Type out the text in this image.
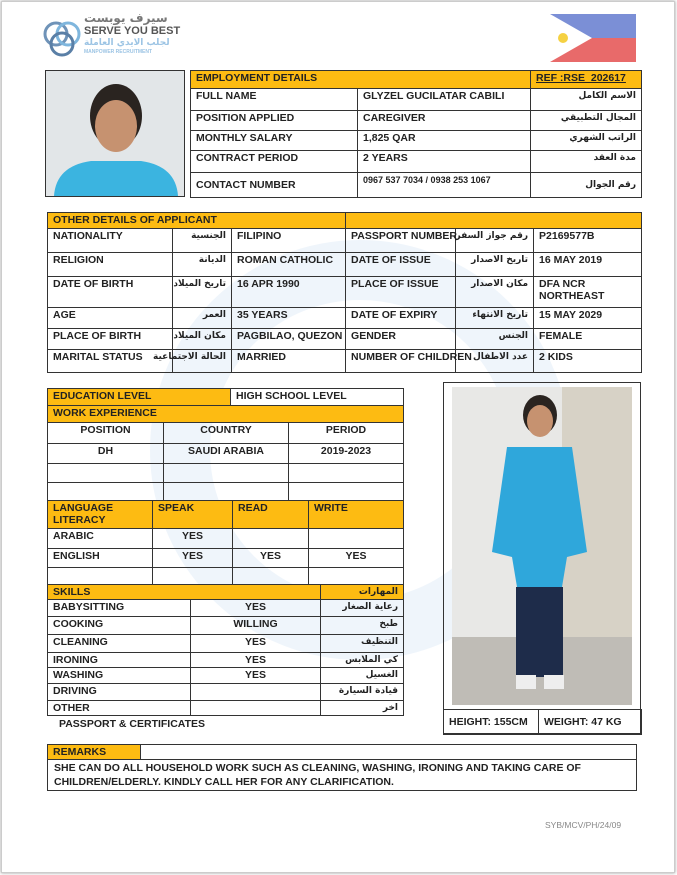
سيرف يوبست
SERVE YOU BEST
لجلب الايدي العاملة
MANPOWER RECRUITMENT
EMPLOYMENT DETAILS		REF :RSE_202617
FULL NAME	GLYZEL GUCILATAR CABILI	الاسم الكامل
POSITION APPLIED	CAREGIVER	المجال التطبيقي
MONTHLY SALARY	1,825 QAR	الراتب الشهري
CONTRACT PERIOD	2 YEARS	مدة العقد
CONTACT NUMBER	0967 537 7034 / 0938 253 1067	رقم الجوال
OTHER DETAILS OF APPLICANT					
NATIONALITY	الجنسية	FILIPINO	PASSPORT NUMBER	رقم جواز السفر	P2169577B
RELIGION	الديانة	ROMAN CATHOLIC	DATE OF ISSUE	تاريخ الاصدار	16 MAY 2019
DATE OF BIRTH	تاريخ الميلاد	16 APR 1990	PLACE OF ISSUE	مكان الاصدار	DFA NCR NORTHEAST
AGE	العمر	35 YEARS	DATE OF EXPIRY	تاريخ الانتهاء	15 MAY 2029
PLACE OF BIRTH	مكان الميلاد	PAGBILAO, QUEZON	GENDER	الجنس	FEMALE
MARITAL STATUS	الحالة الاجتماعية	MARRIED	NUMBER OF CHILDREN	عدد الاطفال	2 KIDS
EDUCATION LEVEL		HIGH SCHOOL LEVEL	
WORK EXPERIENCE			
POSITION	COUNTRY		PERIOD
DH	SAUDI ARABIA		2019-2023

LANGUAGE LITERACY	SPEAK	READ	WRITE
ARABIC	YES		
ENGLISH	YES	YES	YES

SKILLS		المهارات
BABYSITTING	YES	رعاية الصغار
COOKING	WILLING	طبخ
CLEANING	YES	التنظيف
IRONING	YES	كي الملابس
WASHING	YES	الغسيل
DRIVING		قيادة السيارة
OTHER		اخر
PASSPORT & CERTIFICATES	HEIGHT: 155CM	WEIGHT: 47 KG
REMARKS
SHE CAN DO ALL HOUSEHOLD WORK SUCH AS CLEANING, WASHING, IRONING AND TAKING CARE OF CHILDREN/ELDERLY. KINDLY CALL HER FOR ANY CLARIFICATION.
SYB/MCV/PH/24/09
